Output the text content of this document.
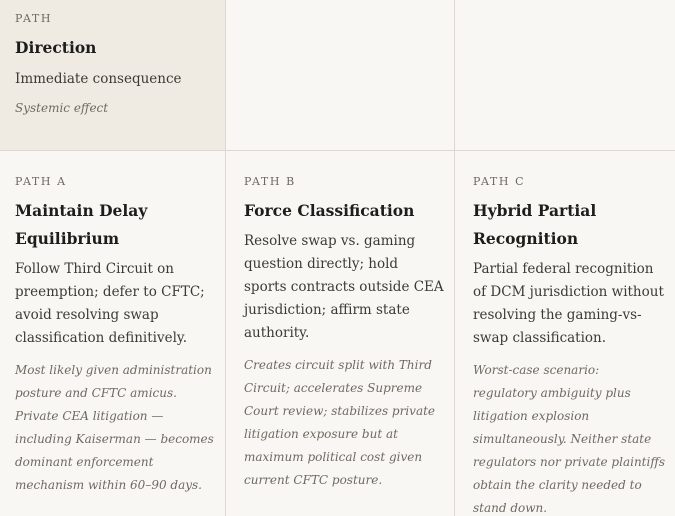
PATH

Direction

Immediate consequence

Systemic effect

PATH A

Maintain Delay Equilibrium

Follow Third Circuit on preemption; defer to CFTC; avoid resolving swap classification definitively.

Most likely given administration posture and CFTC amicus. Private CEA litigation — including Kaiserman — becomes dominant enforcement mechanism within 60–90 days.

PATH B

Force Classification

Resolve swap vs. gaming question directly; hold sports contracts outside CEA jurisdiction; affirm state authority.

Creates circuit split with Third Circuit; accelerates Supreme Court review; stabilizes private litigation exposure but at maximum political cost given current CFTC posture.

PATH C

Hybrid Partial Recognition

Partial federal recognition of DCM jurisdiction without resolving the gaming-vs-swap classification.

Worst-case scenario: regulatory ambiguity plus litigation explosion simultaneously. Neither state regulators nor private plaintiffs obtain the clarity needed to stand down.
